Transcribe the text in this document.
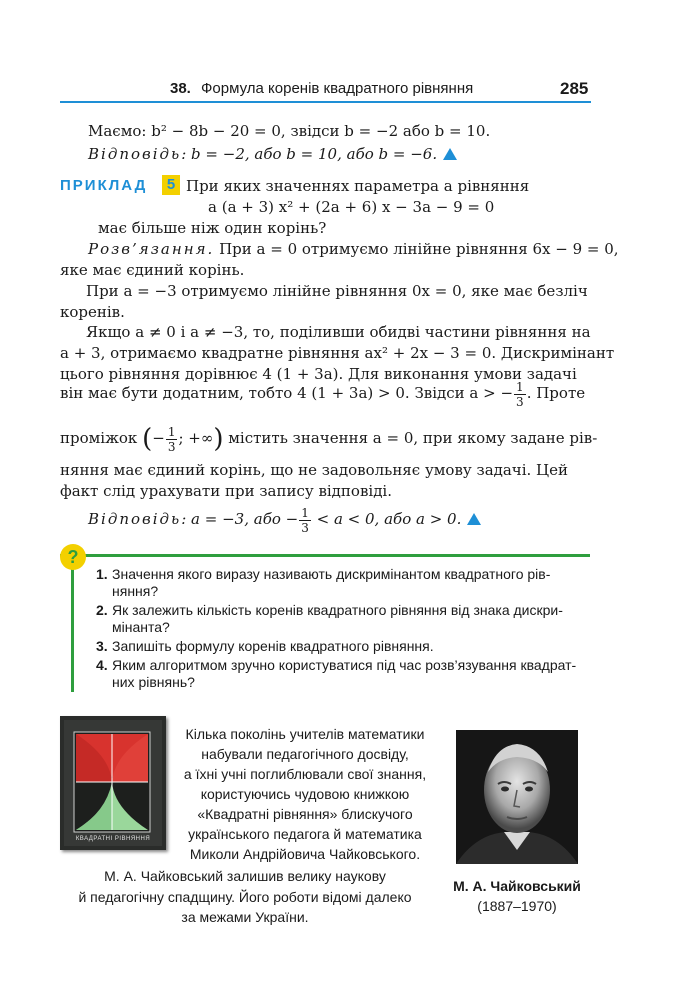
38. Формула коренів квадратного рівняння	285
Маємо: b² − 8b − 20 = 0, звідси b = −2 або b = 10.
Відповідь: b = −2, або b = 10, або b = −6.
ПРИКЛАД	5 При яких значеннях параметра a рівняння
a (a + 3) x² + (2a + 6) x − 3a − 9 = 0
має більше ніж один корінь?
Розв’язання. При a = 0 отримуємо лінійне рівняння 6x − 9 = 0,
яке має єдиний корінь.
При a = −3 отримуємо лінійне рівняння 0x = 0, яке має безліч
коренів.
Якщо a ≠ 0 і a ≠ −3, то, поділивши обидві частини рівняння на
a + 3, отримаємо квадратне рівняння ax² + 2x − 3 = 0. Дискримінант
цього рівняння дорівнює 4 (1 + 3a). Для виконання умови задачі
він має бути додатним, тобто 4 (1 + 3a) > 0. Звідси a > − $\frac{1}{3}$ . Проте
проміжок (− $\frac{1}{3}$ ; +∞) містить значення a = 0, при якому задане рів-
няння має єдиний корінь, що не задовольняє умову задачі. Цей
факт слід урахувати при запису відповіді.
Відповідь: a = −3, або − $\frac{1}{3} < a < 0$, або a > 0.
?
1. Значення якого виразу називають дискримінантом квадратного рів-
няння?
2. Як залежить кількість коренів квадратного рівняння від знака дискри-
мінанта?
3. Запишіть формулу коренів квадратного рівняння.
4. Яким алгоритмом зручно користуватися під час розв’язування квадрат-
них рівнянь?
КВАДРАТНІ РІВНЯННЯ
Кілька поколінь учителів математики
набували педагогічного досвіду,
а їхні учні поглиблювали свої знання,
користуючись чудовою книжкою
«Квадратні рівняння» блискучого
українського педагога й математика
Миколи Андрійовича Чайковського.
М. А. Чайковський залишив велику наукову
й педагогічну спадщину. Його роботи відомі далеко
за межами України.
М. А. Чайковський
(1887–1970)
